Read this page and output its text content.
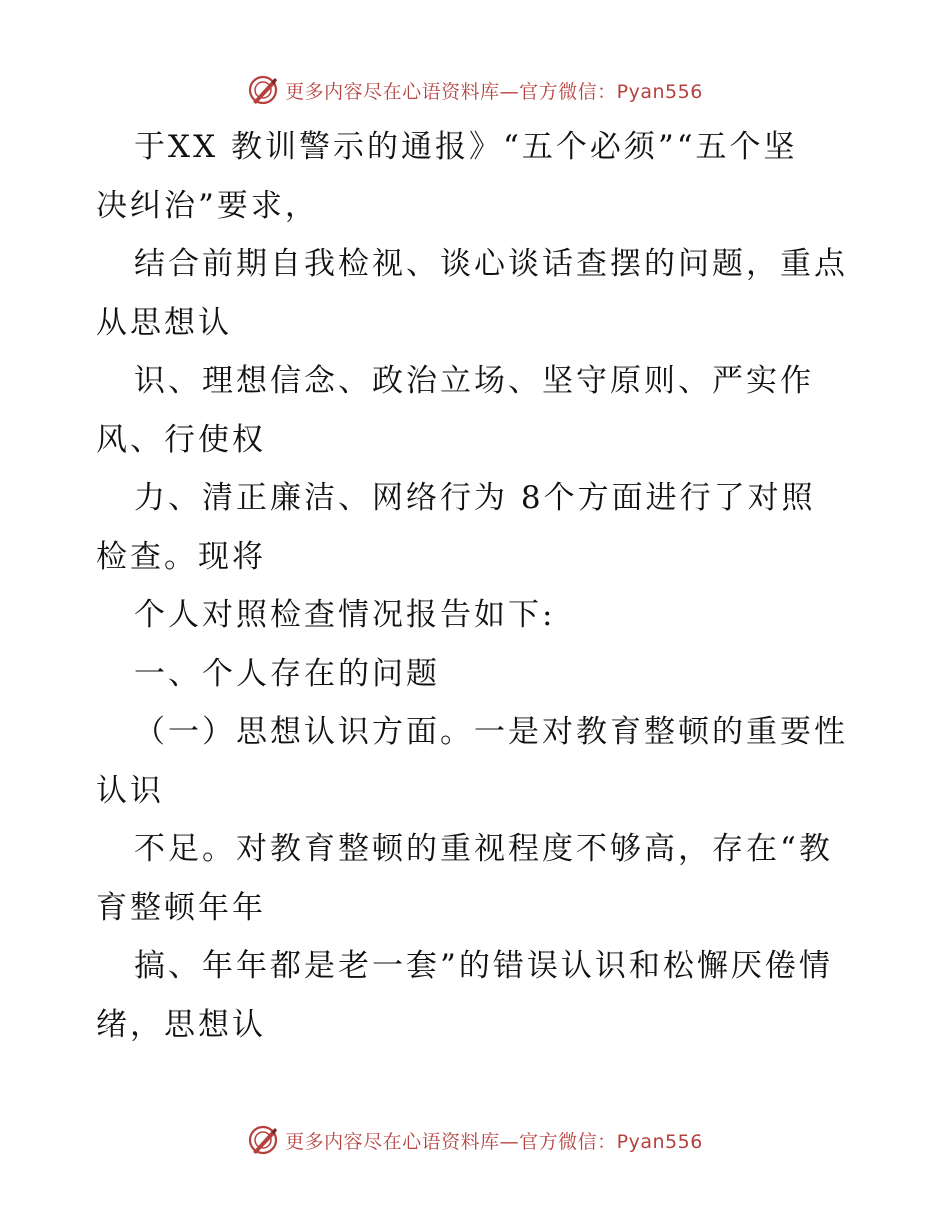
更多内容尽在心语资料库—官方微信：Pyan556
于XX 教训警示的通报》“五个必须”“五个坚
决纠治”要求，
结合前期自我检视、谈心谈话查摆的问题，重点
从思想认
识、理想信念、政治立场、坚守原则、严实作
风、行使权
力、清正廉洁、网络行为 8个方面进行了对照
检查。现将
个人对照检查情况报告如下:
一、个人存在的问题
（一）思想认识方面。一是对教育整顿的重要性
认识
不足。对教育整顿的重视程度不够高，存在“教
育整顿年年
搞、年年都是老一套”的错误认识和松懈厌倦情
绪，思想认
更多内容尽在心语资料库—官方微信：Pyan556
